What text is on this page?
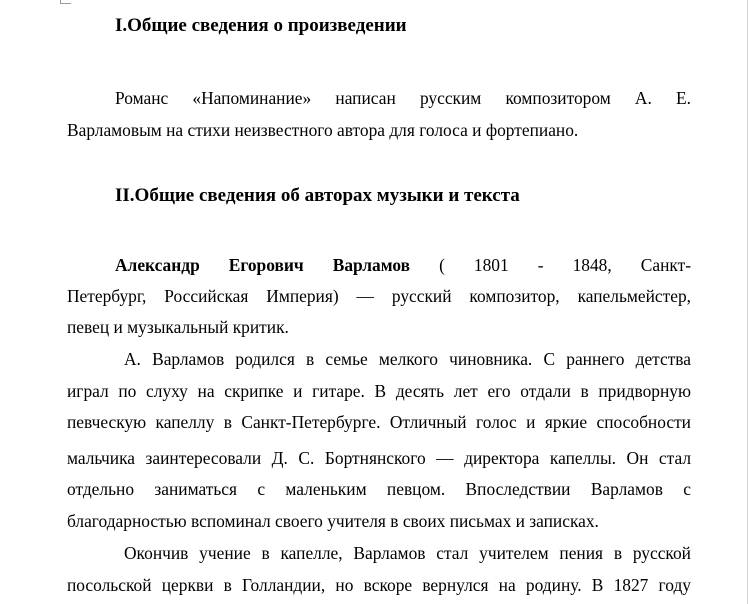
I.Общие сведения о произведении
Романс «Напоминание» написан русским композитором А. Е.
Варламовым на стихи неизвестного автора для голоса и фортепиано.
II.Общие сведения об авторах музыки и текста
Александр Егорович Варламов ( 1801 - 1848, Санкт-
Петербург, Российская Империя) — русский композитор, капельмейстер,
певец и музыкальный критик.
А. Варламов родился в семье мелкого чиновника. С раннего детства
играл по слуху на скрипке и гитаре. В десять лет его отдали в придворную
певческую капеллу в Санкт-Петербурге. Отличный голос и яркие способности
мальчика заинтересовали Д. С. Бортнянского — директора капеллы. Он стал
отдельно заниматься с маленьким певцом. Впоследствии Варламов с
благодарностью вспоминал своего учителя в своих письмах и записках.
Окончив учение в капелле, Варламов стал учителем пения в русской
посольской церкви в Голландии, но вскоре вернулся на родину. В 1827 году
